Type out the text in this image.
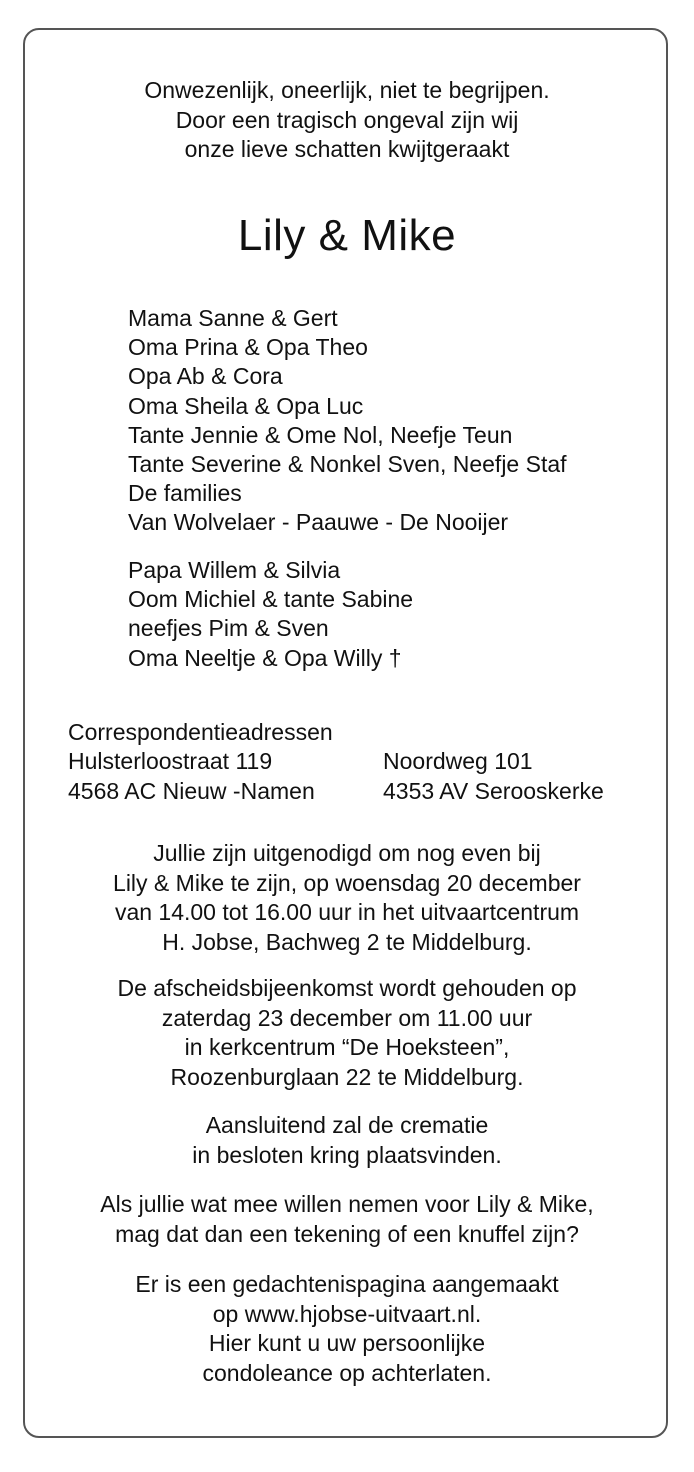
Onwezenlijk, oneerlijk, niet te begrijpen.
Door een tragisch ongeval zijn wij
onze lieve schatten kwijtgeraakt
Lily & Mike
Mama Sanne & Gert
Oma Prina & Opa Theo
Opa Ab & Cora
Oma Sheila & Opa Luc
Tante Jennie & Ome Nol, Neefje Teun
Tante Severine & Nonkel Sven, Neefje Staf
De families
Van Wolvelaer - Paauwe - De Nooijer
Papa Willem & Silvia
Oom Michiel & tante Sabine
neefjes Pim & Sven
Oma Neeltje & Opa Willy †
Correspondentieadressen
Hulsterloostraat 119
4568 AC Nieuw -Namen
Noordweg 101
4353 AV Serooskerke
Jullie zijn uitgenodigd om nog even bij
Lily & Mike te zijn, op woensdag 20 december
van 14.00 tot 16.00 uur in het uitvaartcentrum
H. Jobse, Bachweg 2 te Middelburg.
De afscheidsbijeenkomst wordt gehouden op
zaterdag 23 december om 11.00 uur
in kerkcentrum “De Hoeksteen”,
Roozenburglaan 22 te Middelburg.
Aansluitend zal de crematie
in besloten kring plaatsvinden.
Als jullie wat mee willen nemen voor Lily & Mike,
mag dat dan een tekening of een knuffel zijn?
Er is een gedachtenispagina aangemaakt
op www.hjobse-uitvaart.nl.
Hier kunt u uw persoonlijke
condoleance op achterlaten.
